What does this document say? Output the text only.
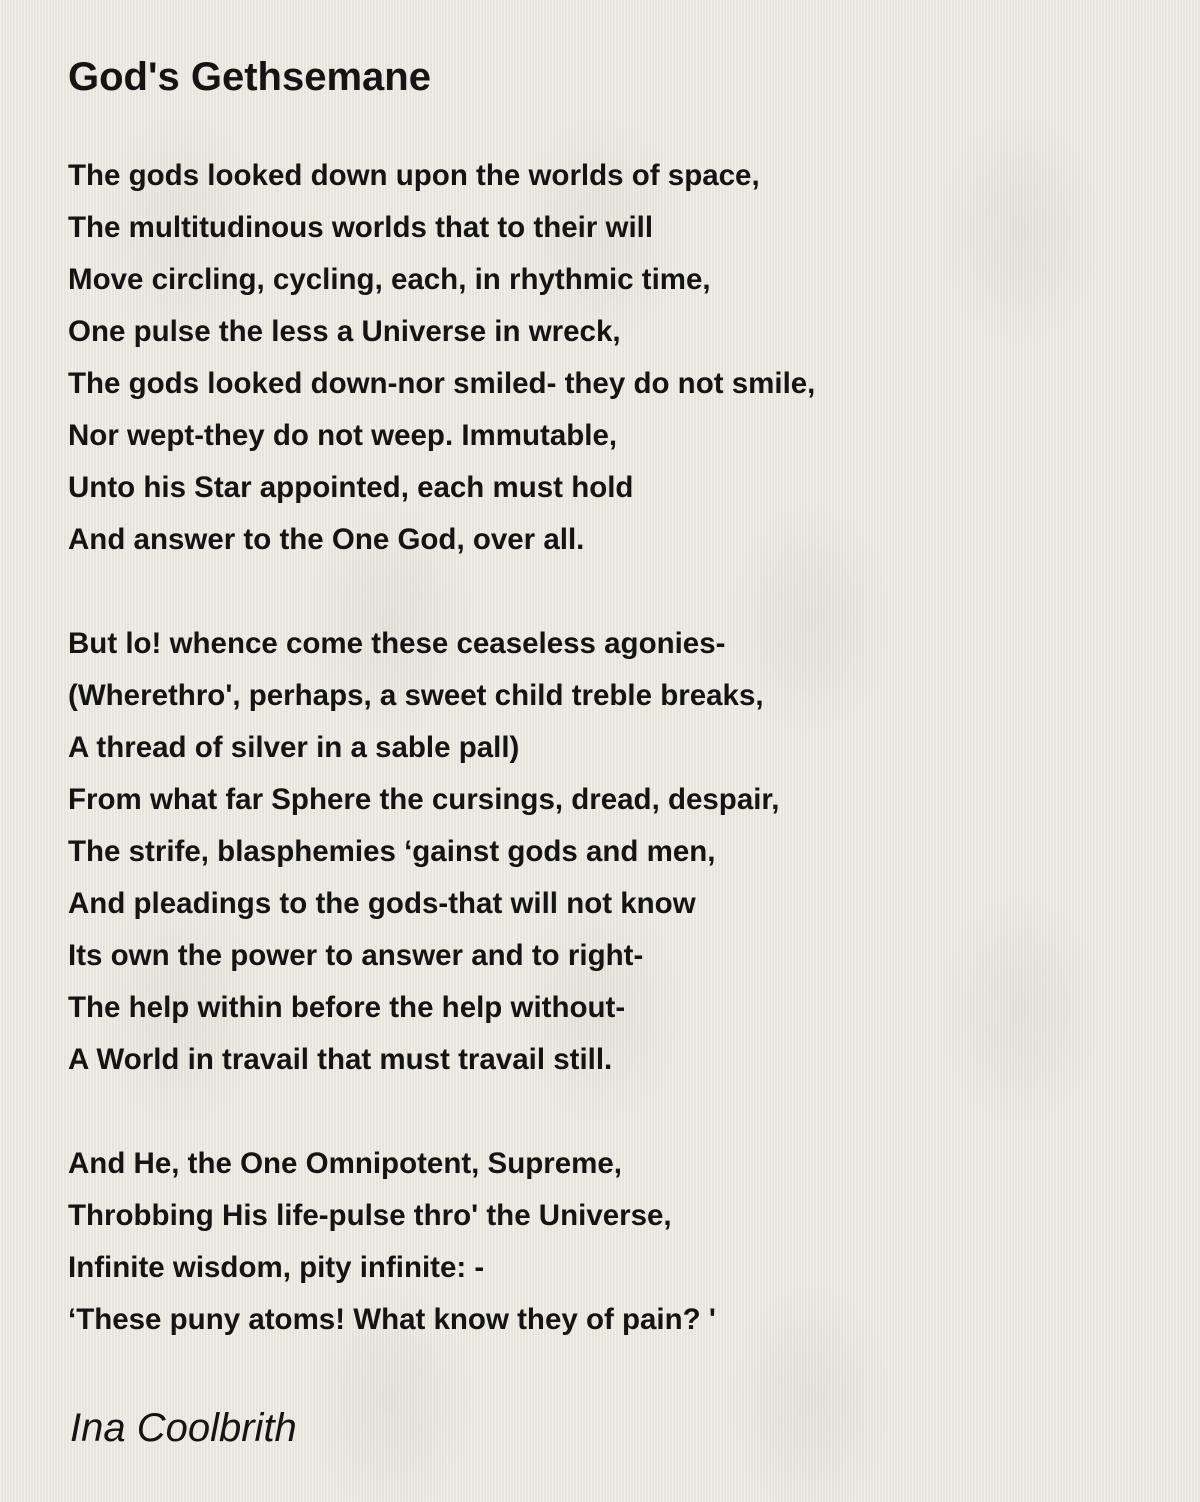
God's Gethsemane

The gods looked down upon the worlds of space,
The multitudinous worlds that to their will
Move circling, cycling, each, in rhythmic time,
One pulse the less a Universe in wreck,
The gods looked down-nor smiled- they do not smile,
Nor wept-they do not weep. Immutable,
Unto his Star appointed, each must hold
And answer to the One God, over all.

But lo! whence come these ceaseless agonies-
(Wherethro', perhaps, a sweet child treble breaks,
A thread of silver in a sable pall)
From what far Sphere the cursings, dread, despair,
The strife, blasphemies ‘gainst gods and men,
And pleadings to the gods-that will not know
Its own the power to answer and to right-
The help within before the help without-
A World in travail that must travail still.

And He, the One Omnipotent, Supreme,
Throbbing His life-pulse thro' the Universe,
Infinite wisdom, pity infinite: -
‘These puny atoms! What know they of pain? '

Ina Coolbrith
